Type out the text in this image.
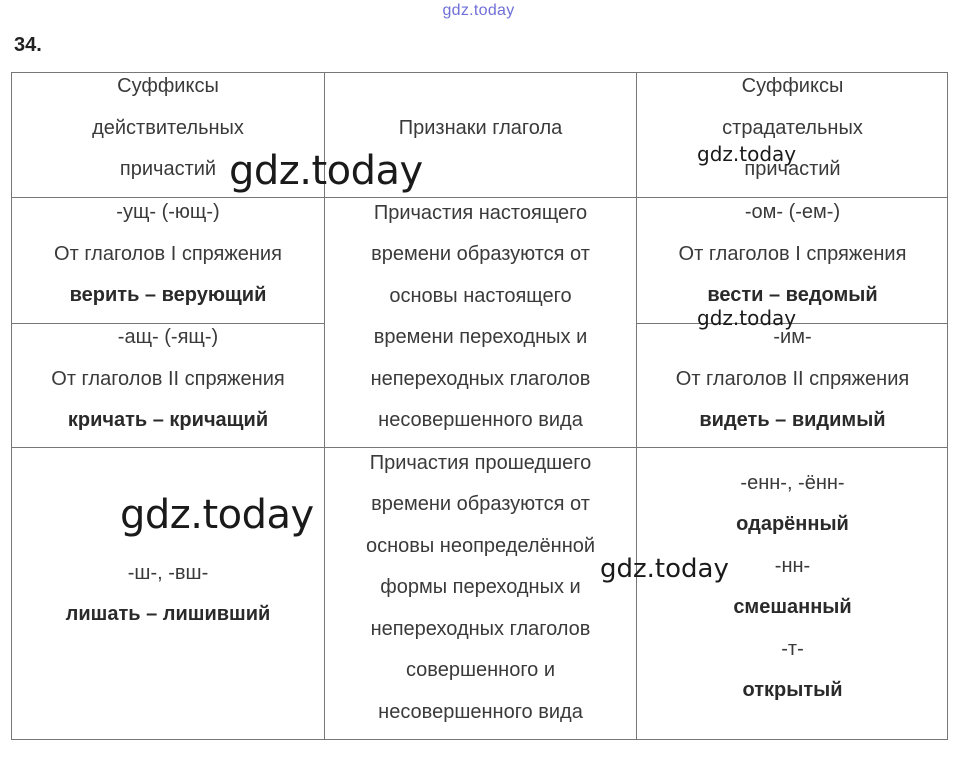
gdz.today
34.
Суффиксы
действительных
причастий
Признаки глагола
Суффиксы
страдательных
причастий
-ущ- (-ющ-)
От глаголов I спряжения
верить – верующий
-ащ- (-ящ-)
От глаголов II спряжения
кричать – кричащий
Причастия настоящего
времени образуются от
основы настоящего
времени переходных и
непереходных глаголов
несовершенного вида
-ом- (-ем-)
От глаголов I спряжения
вести – ведомый
-им-
От глаголов II спряжения
видеть – видимый
-ш-, -вш-
лишать – лишивший
Причастия прошедшего
времени образуются от
основы неопределённой
формы переходных и
непереходных глаголов
совершенного и
несовершенного вида
-енн-, -ённ-
одарённый
-нн-
смешанный
-т-
открытый
gdz.today	gdz.today
gdz.today
gdz.today
gdz.today
